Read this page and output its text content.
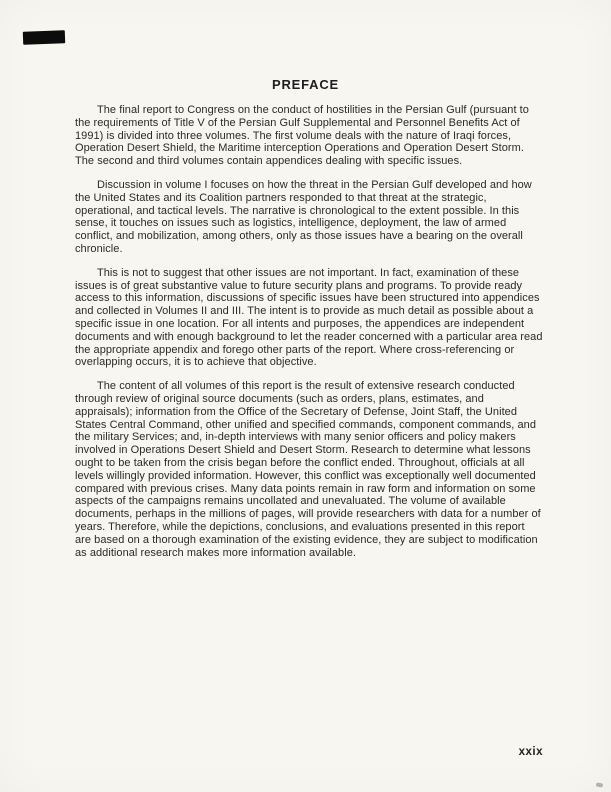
PREFACE

The final report to Congress on the conduct of hostilities in the Persian Gulf (pursuant to the requirements of Title V of the Persian Gulf Supplemental and Personnel Benefits Act of 1991) is divided into three volumes. The first volume deals with the nature of Iraqi forces, Operation Desert Shield, the Maritime interception Operations and Operation Desert Storm. The second and third volumes contain appendices dealing with specific issues.

Discussion in volume I focuses on how the threat in the Persian Gulf developed and how the United States and its Coalition partners responded to that threat at the strategic, operational, and tactical levels. The narrative is chronological to the extent possible. In this sense, it touches on issues such as logistics, intelligence, deployment, the law of armed conflict, and mobilization, among others, only as those issues have a bearing on the overall chronicle.

This is not to suggest that other issues are not important. In fact, examination of these issues is of great substantive value to future security plans and programs. To provide ready access to this information, discussions of specific issues have been structured into appendices and collected in Volumes II and III. The intent is to provide as much detail as possible about a specific issue in one location. For all intents and purposes, the appendices are independent documents and with enough background to let the reader concerned with a particular area read the appropriate appendix and forego other parts of the report. Where cross-referencing or overlapping occurs, it is to achieve that objective.

The content of all volumes of this report is the result of extensive research conducted through review of original source documents (such as orders, plans, estimates, and appraisals); information from the Office of the Secretary of Defense, Joint Staff, the United States Central Command, other unified and specified commands, component commands, and the military Services; and, in-depth interviews with many senior officers and policy makers involved in Operations Desert Shield and Desert Storm. Research to determine what lessons ought to be taken from the crisis began before the conflict ended. Throughout, officials at all levels willingly provided information. However, this conflict was exceptionally well documented compared with previous crises. Many data points remain in raw form and information on some aspects of the campaigns remains uncollated and unevaluated. The volume of available documents, perhaps in the millions of pages, will provide researchers with data for a number of years. Therefore, while the depictions, conclusions, and evaluations presented in this report are based on a thorough examination of the existing evidence, they are subject to modification as additional research makes more information available.

xxix
